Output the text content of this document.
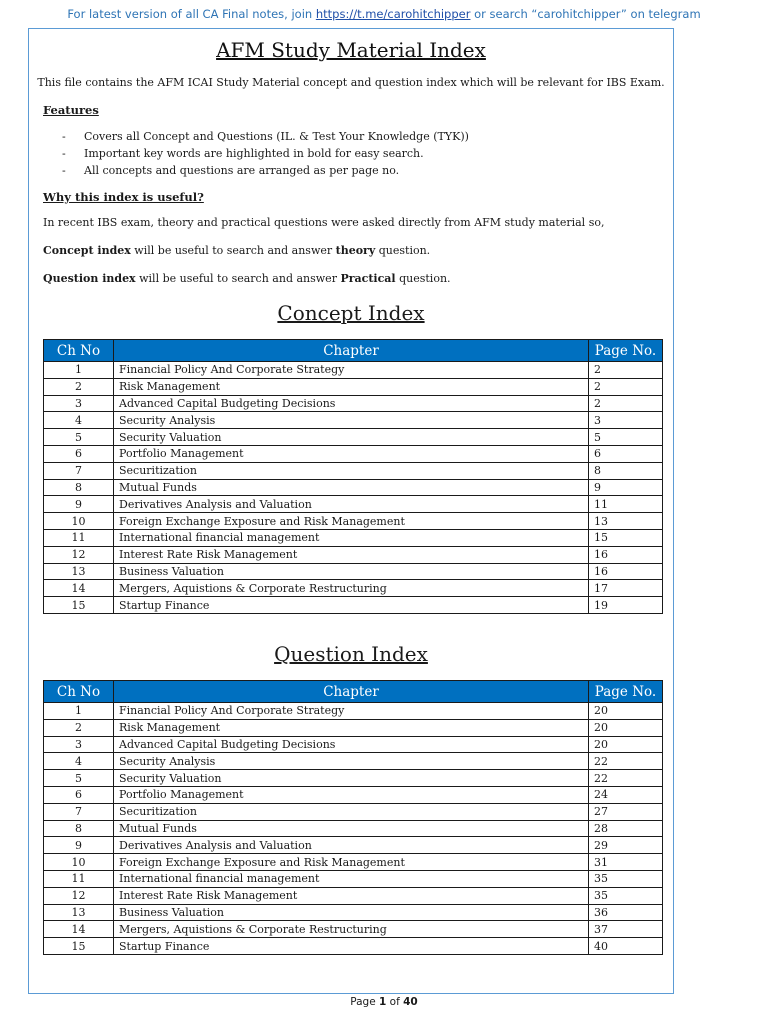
For latest version of all CA Final notes, join https://t.me/carohitchipper or search “carohitchipper” on telegram
AFM Study Material Index
This file contains the AFM ICAI Study Material concept and question index which will be relevant for IBS Exam.
Features
- Covers all Concept and Questions (IL. & Test Your Knowledge (TYK))
- Important key words are highlighted in bold for easy search.
- All concepts and questions are arranged as per page no.
Why this index is useful?
In recent IBS exam, theory and practical questions were asked directly from AFM study material so,
Concept index will be useful to search and answer theory question.
Question index will be useful to search and answer Practical question.
Concept Index
Ch No	Chapter	Page No.
1	Financial Policy And Corporate Strategy	2
2	Risk Management	2
3	Advanced Capital Budgeting Decisions	2
4	Security Analysis	3
5	Security Valuation	5
6	Portfolio Management	6
7	Securitization	8
8	Mutual Funds	9
9	Derivatives Analysis and Valuation	11
10	Foreign Exchange Exposure and Risk Management	13
11	International financial management	15
12	Interest Rate Risk Management	16
13	Business Valuation	16
14	Mergers, Aquistions & Corporate Restructuring	17
15	Startup Finance	19
Question Index
Ch No	Chapter	Page No.
1	Financial Policy And Corporate Strategy	20
2	Risk Management	20
3	Advanced Capital Budgeting Decisions	20
4	Security Analysis	22
5	Security Valuation	22
6	Portfolio Management	24
7	Securitization	27
8	Mutual Funds	28
9	Derivatives Analysis and Valuation	29
10	Foreign Exchange Exposure and Risk Management	31
11	International financial management	35
12	Interest Rate Risk Management	35
13	Business Valuation	36
14	Mergers, Aquistions & Corporate Restructuring	37
15	Startup Finance	40
Page 1 of 40
